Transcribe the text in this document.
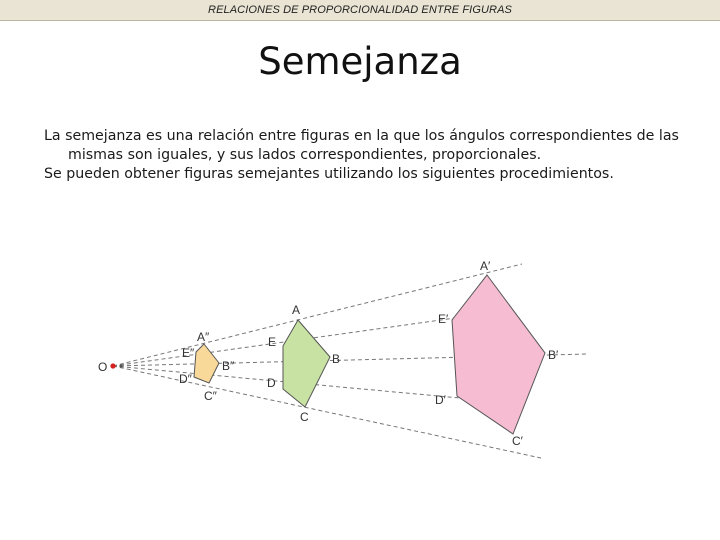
RELACIONES DE PROPORCIONALIDAD ENTRE FIGURAS
Semejanza

La semejanza es una relación entre figuras en la que los ángulos correspondientes de las mismas son iguales, y sus lados correspondientes, proporcionales.

Se pueden obtener figuras semejantes utilizando los siguientes procedimientos.

O
A″
E″
B″
D″
C″
A
E
B
D
C
A′
E′
B′
D′
C′
